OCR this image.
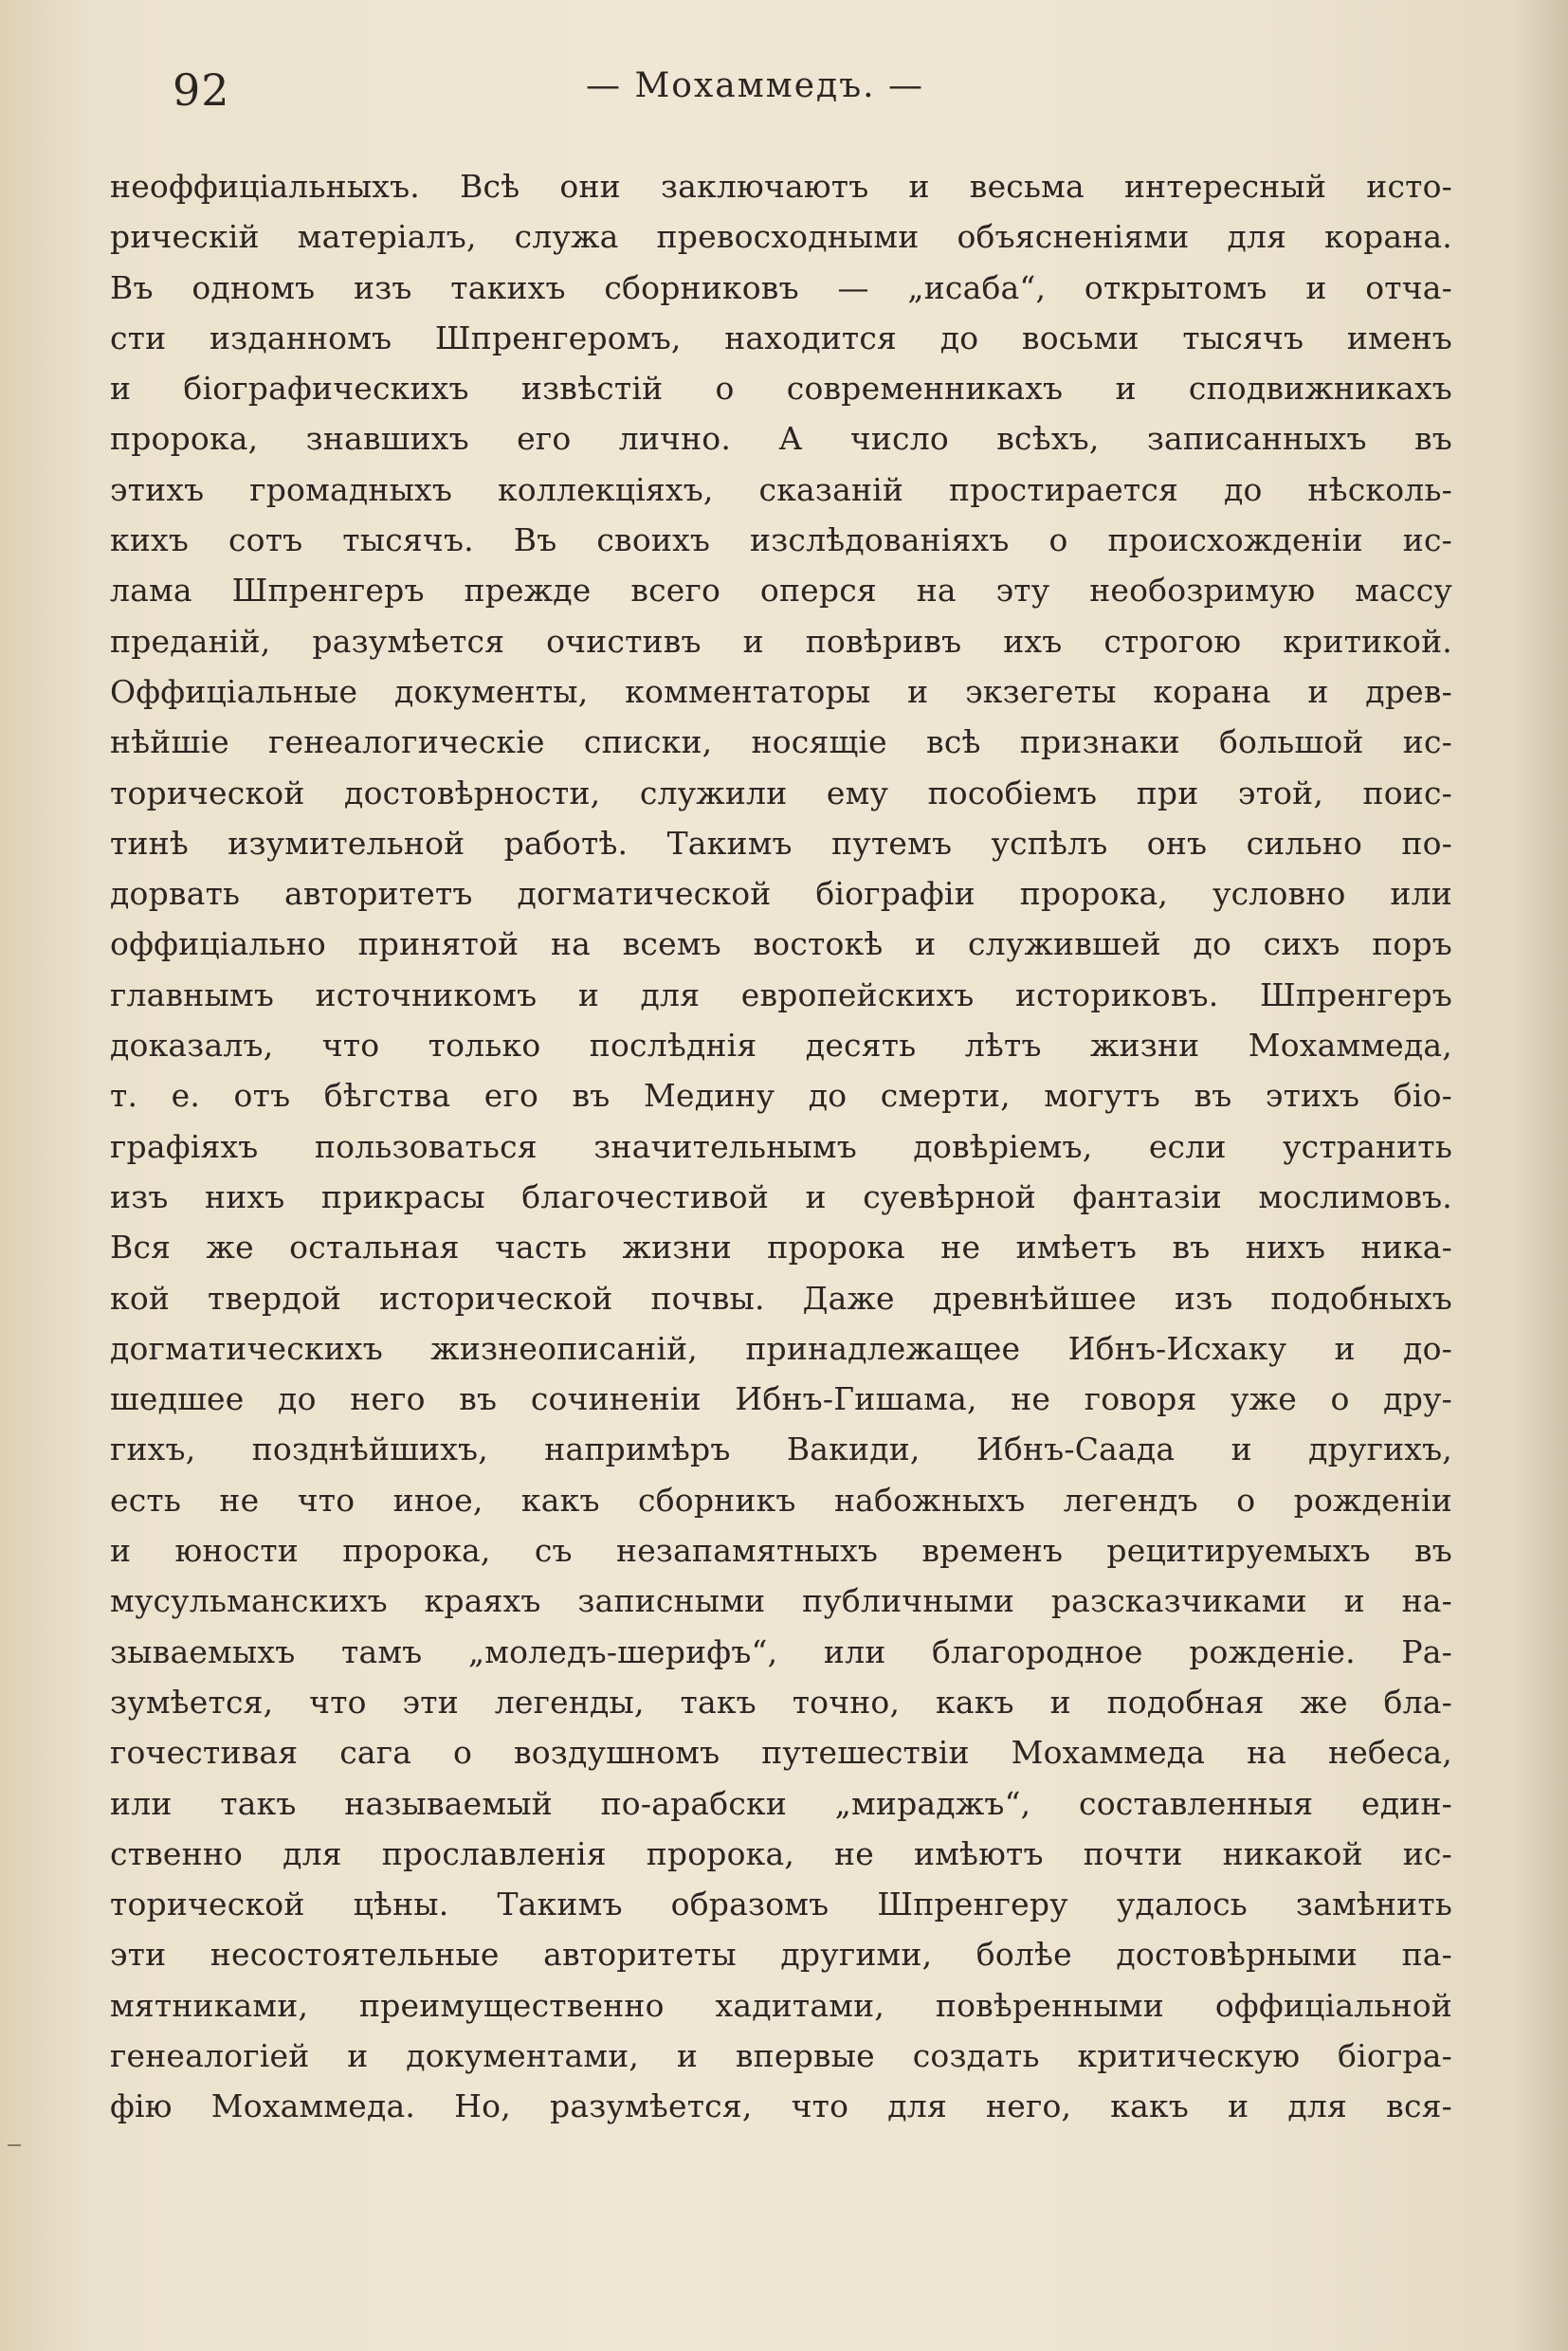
92	— Мохаммедъ. —
неоффиціальныхъ. Всѣ они заключаютъ и весьма интересный исто-
рическій матеріалъ, служа превосходными объясненіями для корана.
Въ одномъ изъ такихъ сборниковъ — „исаба“, открытомъ и отча-
сти изданномъ Шпренгеромъ, находится до восьми тысячъ именъ
и біографическихъ извѣстій о современникахъ и сподвижникахъ
пророка, знавшихъ его лично. А число всѣхъ, записанныхъ въ
этихъ громадныхъ коллекціяхъ, сказаній простирается до нѣсколь-
кихъ сотъ тысячъ. Въ своихъ изслѣдованіяхъ о происхожденіи ис-
лама Шпренгеръ прежде всего оперся на эту необозримую массу
преданій, разумѣется очистивъ и повѣривъ ихъ строгою критикой.
Оффиціальные документы, комментаторы и экзегеты корана и древ-
нѣйшіе генеалогическіе списки, носящіе всѣ признаки большой ис-
торической достовѣрности, служили ему пособіемъ при этой, поис-
тинѣ изумительной работѣ. Такимъ путемъ успѣлъ онъ сильно по-
дорвать авторитетъ догматической біографіи пророка, условно или
оффиціально принятой на всемъ востокѣ и служившей до сихъ поръ
главнымъ источникомъ и для европейскихъ историковъ. Шпренгеръ
доказалъ, что только послѣднія десять лѣтъ жизни Мохаммеда,
т. е. отъ бѣгства его въ Медину до смерти, могутъ въ этихъ біо-
графіяхъ пользоваться значительнымъ довѣріемъ, если устранить
изъ нихъ прикрасы благочестивой и суевѣрной фантазіи мослимовъ.
Вся же остальная часть жизни пророка не имѣетъ въ нихъ никa-
кой твердой исторической почвы. Даже древнѣйшее изъ подобныхъ
догматическихъ жизнеописаній, принадлежащее Ибнъ-Исхаку и до-
шедшее до него въ сочиненіи Ибнъ-Гишама, не говоря уже о дру-
гихъ, позднѣйшихъ, напримѣръ Вакиди, Ибнъ-Саада и другихъ,
есть не что иное, какъ сборникъ набожныхъ легендъ о рожденіи
и юности пророка, съ незапамятныхъ временъ рецитируемыхъ въ
мусульманскихъ краяхъ записными публичными разсказчиками и на-
зываемыхъ тамъ „моледъ-шерифъ“, или благородное рожденіе. Ра-
зумѣется, что эти легенды, такъ точно, какъ и подобная же бла-
гочестивая сага о воздушномъ путешествіи Мохаммеда на небеса,
или такъ называемый по-арабски „мираджъ“, составленныя един-
ственно для прославленія пророка, не имѣютъ почти никакой ис-
торической цѣны. Такимъ образомъ Шпренгеру удалось замѣнить
эти несостоятельные авторитеты другими, болѣе достовѣрными па-
мятниками, преимущественно хадитами, повѣренными оффиціальной
генеалогіей и документами, и впервые создать критическую біогра-
фію Мохаммеда. Но, разумѣется, что для него, какъ и для вся-
